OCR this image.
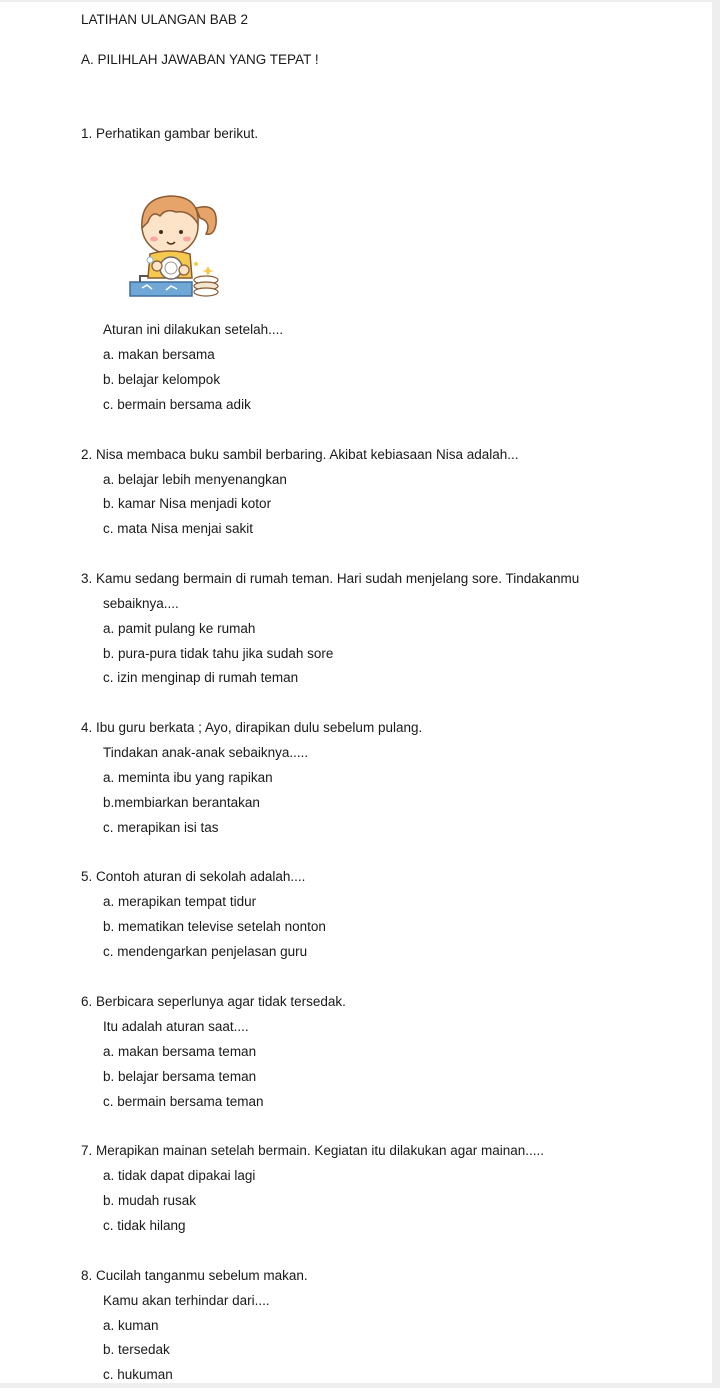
LATIHAN ULANGAN BAB 2
A. PILIHLAH JAWABAN YANG TEPAT !
1. Perhatikan gambar berikut.
Aturan ini dilakukan setelah....
a. makan bersama
b. belajar kelompok
c. bermain bersama adik
2. Nisa membaca buku sambil berbaring. Akibat kebiasaan Nisa adalah...
a. belajar lebih menyenangkan
b. kamar Nisa menjadi kotor
c. mata Nisa menjai sakit
3. Kamu sedang bermain di rumah teman. Hari sudah menjelang sore. Tindakanmu
sebaiknya....
a. pamit pulang ke rumah
b. pura-pura tidak tahu jika sudah sore
c. izin menginap di rumah teman
4. Ibu guru berkata ; Ayo, dirapikan dulu sebelum pulang.
Tindakan anak-anak sebaiknya.....
a. meminta ibu yang rapikan
b.membiarkan berantakan
c. merapikan isi tas
5. Contoh aturan di sekolah adalah....
a. merapikan tempat tidur
b. mematikan televise setelah nonton
c. mendengarkan penjelasan guru
6. Berbicara seperlunya agar tidak tersedak.
Itu adalah aturan saat....
a. makan bersama teman
b. belajar bersama teman
c. bermain bersama teman
7. Merapikan mainan setelah bermain. Kegiatan itu dilakukan agar mainan.....
a. tidak dapat dipakai lagi
b. mudah rusak
c. tidak hilang
8. Cucilah tanganmu sebelum makan.
Kamu akan terhindar dari....
a. kuman
b. tersedak
c. hukuman
